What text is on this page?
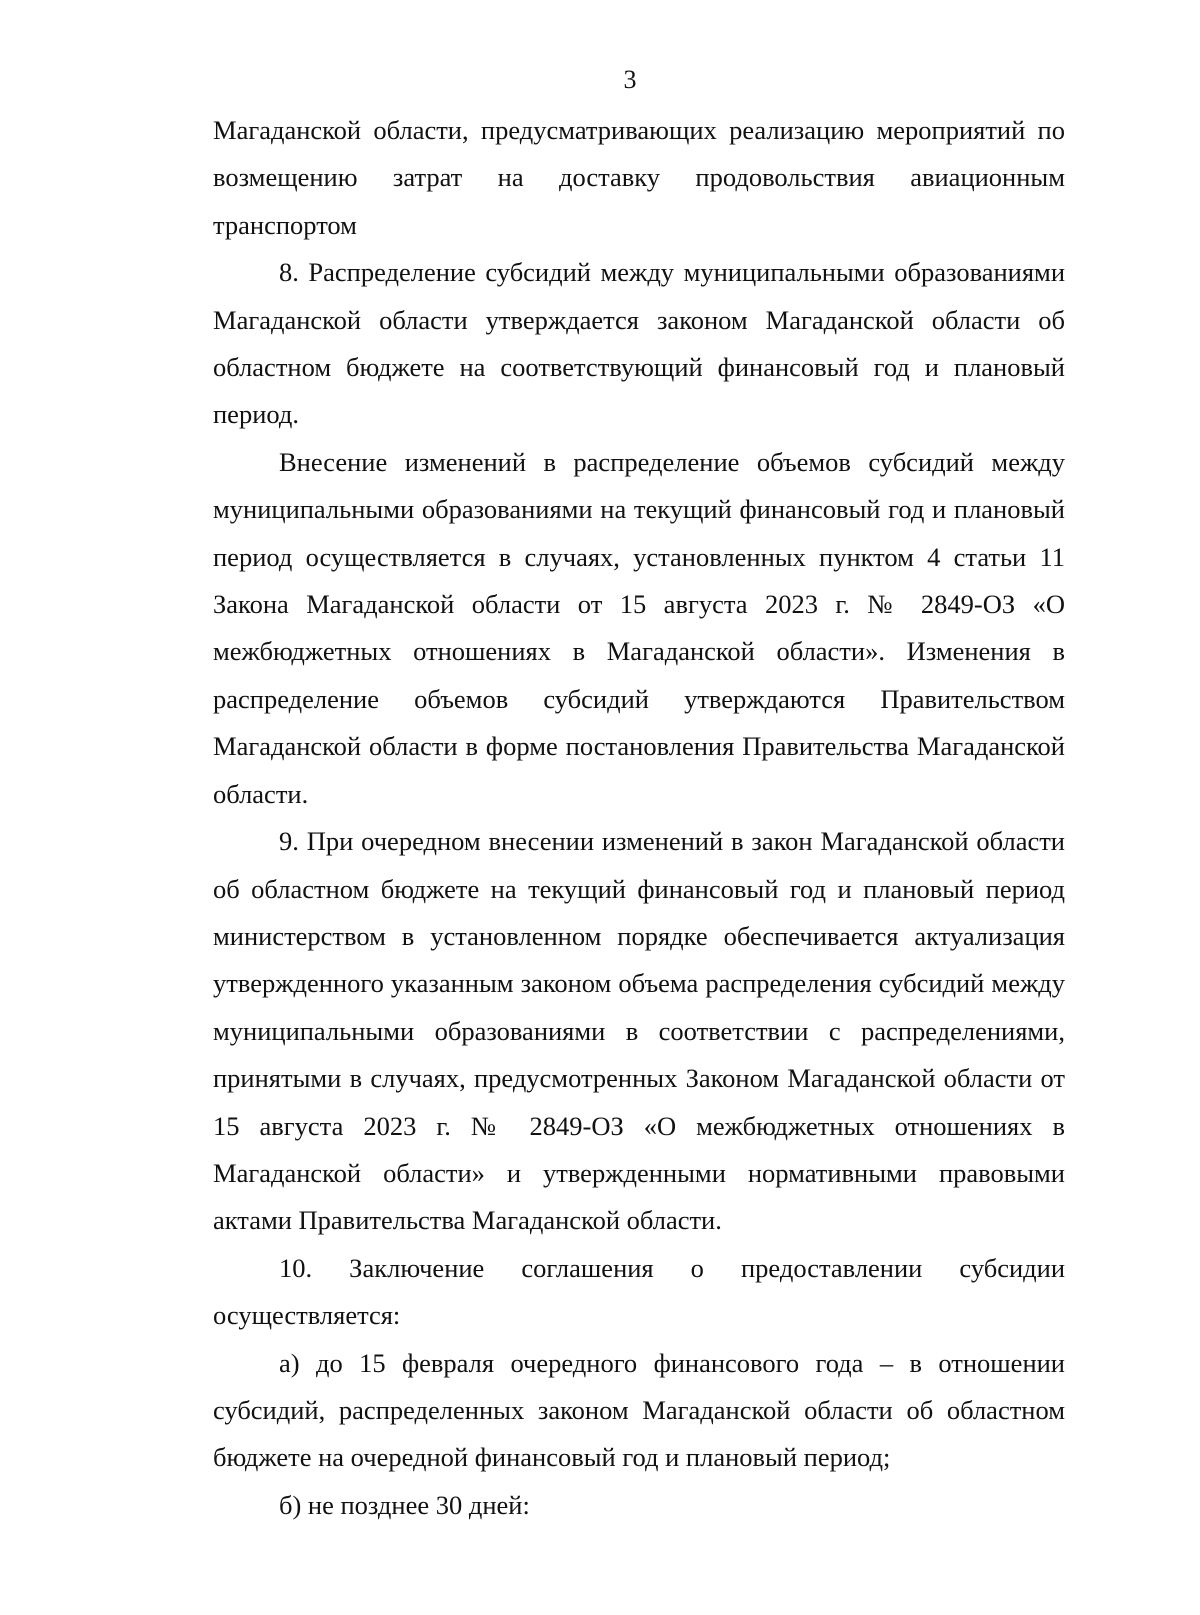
3

Магаданской области, предусматривающих реализацию мероприятий по возмещению затрат на доставку продовольствия авиационным транспортом

8. Распределение субсидий между муниципальными образованиями Магаданской области утверждается законом Магаданской области об областном бюджете на соответствующий финансовый год и плановый период.

Внесение изменений в распределение объемов субсидий между муниципальными образованиями на текущий финансовый год и плановый период осуществляется в случаях, установленных пунктом 4 статьи 11 Закона Магаданской области от 15 августа 2023 г. № 2849-ОЗ «О межбюджетных отношениях в Магаданской области». Изменения в распределение объемов субсидий утверждаются Правительством Магаданской области в форме постановления Правительства Магаданской области.

9. При очередном внесении изменений в закон Магаданской области об областном бюджете на текущий финансовый год и плановый период министерством в установленном порядке обеспечивается актуализация утвержденного указанным законом объема распределения субсидий между муниципальными образованиями в соответствии с распределениями, принятыми в случаях, предусмотренных Законом Магаданской области от 15 августа 2023 г. № 2849-ОЗ «О межбюджетных отношениях в Магаданской области» и утвержденными нормативными правовыми актами Правительства Магаданской области.

10. Заключение соглашения о предоставлении субсидии осуществляется:

а) до 15 февраля очередного финансового года – в отношении субсидий, распределенных законом Магаданской области об областном бюджете на очередной финансовый год и плановый период;

б) не позднее 30 дней:
